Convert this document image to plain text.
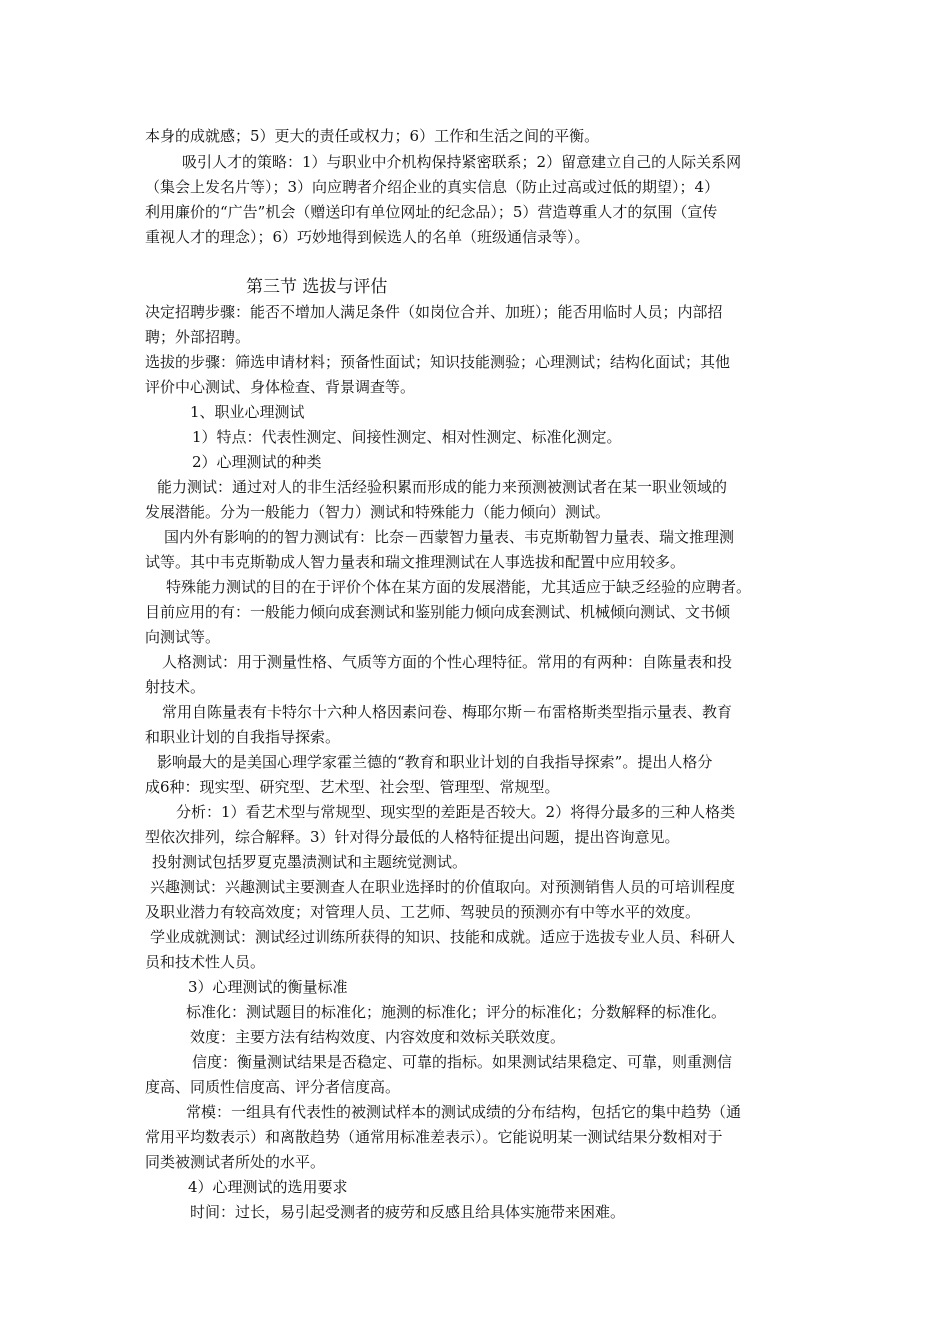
本身的成就感；5）更大的责任或权力；6）工作和生活之间的平衡。
吸引人才的策略：1）与职业中介机构保持紧密联系；2）留意建立自己的人际关系网
（集会上发名片等）；3）向应聘者介绍企业的真实信息（防止过高或过低的期望）；4）
利用廉价的“广告”机会（赠送印有单位网址的纪念品）；5）营造尊重人才的氛围（宣传
重视人才的理念）；6）巧妙地得到候选人的名单（班级通信录等）。
第三节 选拔与评估
决定招聘步骤：能否不增加人满足条件（如岗位合并、加班）；能否用临时人员；内部招
聘；外部招聘。
选拔的步骤：筛选申请材料；预备性面试；知识技能测验；心理测试；结构化面试；其他
评价中心测试、身体检查、背景调查等。
1、职业心理测试
1）特点：代表性测定、间接性测定、相对性测定、标准化测定。
2）心理测试的种类
能力测试：通过对人的非生活经验积累而形成的能力来预测被测试者在某一职业领域的
发展潜能。分为一般能力（智力）测试和特殊能力（能力倾向）测试。
国内外有影响的的智力测试有：比奈－西蒙智力量表、韦克斯勒智力量表、瑞文推理测
试等。其中韦克斯勒成人智力量表和瑞文推理测试在人事选拔和配置中应用较多。
特殊能力测试的目的在于评价个体在某方面的发展潜能，尤其适应于缺乏经验的应聘者。
目前应用的有：一般能力倾向成套测试和鉴别能力倾向成套测试、机械倾向测试、文书倾
向测试等。
人格测试：用于测量性格、气质等方面的个性心理特征。常用的有两种：自陈量表和投
射技术。
常用自陈量表有卡特尔十六种人格因素问卷、梅耶尔斯－布雷格斯类型指示量表、教育
和职业计划的自我指导探索。
影响最大的是美国心理学家霍兰德的“教育和职业计划的自我指导探索”。提出人格分
成6种：现实型、研究型、艺术型、社会型、管理型、常规型。
分析：1）看艺术型与常规型、现实型的差距是否较大。2）将得分最多的三种人格类
型依次排列，综合解释。3）针对得分最低的人格特征提出问题，提出咨询意见。
投射测试包括罗夏克墨渍测试和主题统觉测试。
兴趣测试：兴趣测试主要测查人在职业选择时的价值取向。对预测销售人员的可培训程度
及职业潜力有较高效度；对管理人员、工艺师、驾驶员的预测亦有中等水平的效度。
学业成就测试：测试经过训练所获得的知识、技能和成就。适应于选拔专业人员、科研人
员和技术性人员。
3）心理测试的衡量标准
标准化：测试题目的标准化；施测的标准化；评分的标准化；分数解释的标准化。
效度：主要方法有结构效度、内容效度和效标关联效度。
信度：衡量测试结果是否稳定、可靠的指标。如果测试结果稳定、可靠，则重测信
度高、同质性信度高、评分者信度高。
常模：一组具有代表性的被测试样本的测试成绩的分布结构，包括它的集中趋势（通
常用平均数表示）和离散趋势（通常用标准差表示）。它能说明某一测试结果分数相对于
同类被测试者所处的水平。
4）心理测试的选用要求
时间：过长，易引起受测者的疲劳和反感且给具体实施带来困难。
